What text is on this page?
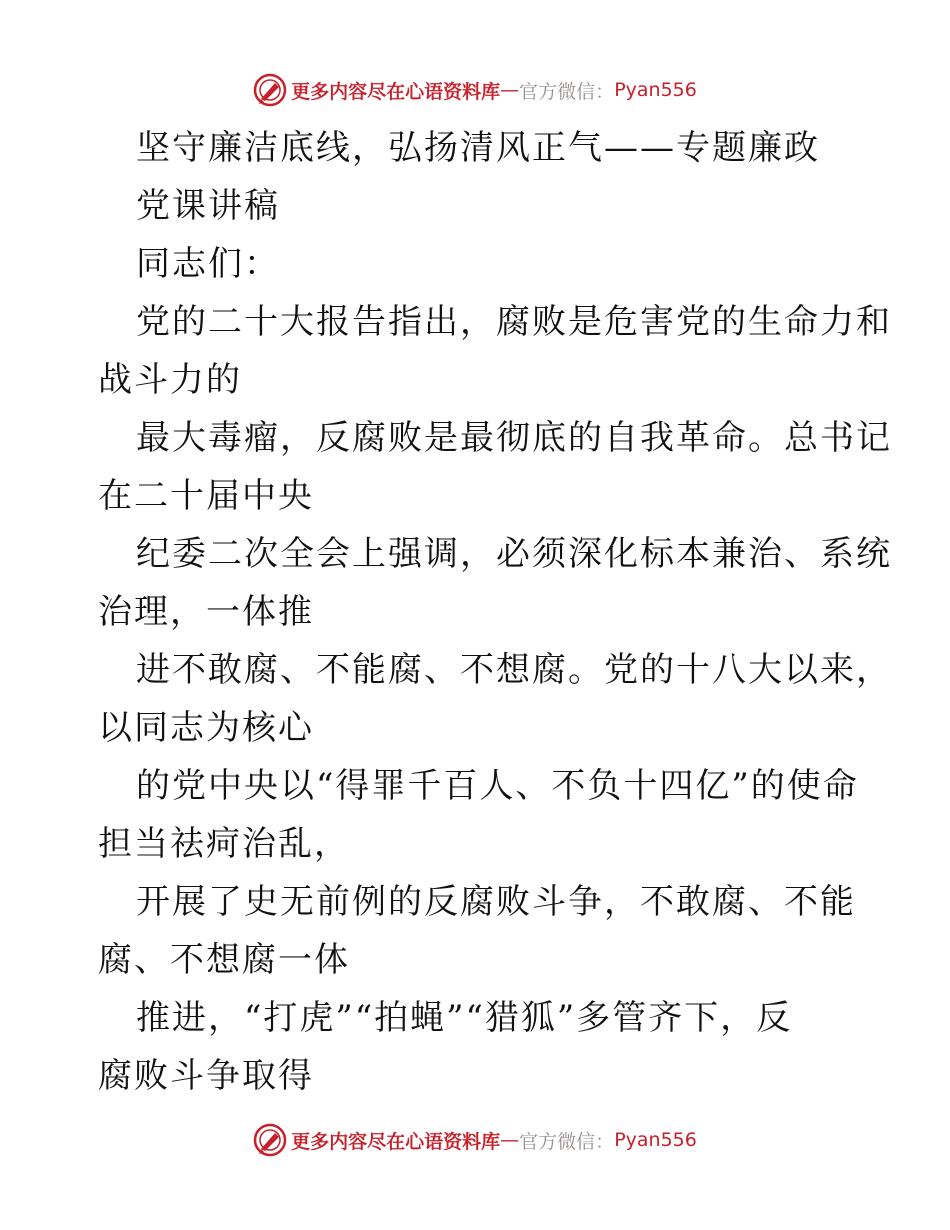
更多内容尽在心语资料库 — 官方微信： Pyan556
坚守廉洁底线，弘扬清风正气——专题廉政
党课讲稿
同志们：
党的二十大报告指出，腐败是危害党的生命力和
战斗力的
最大毒瘤，反腐败是最彻底的自我革命。总书记
在二十届中央
纪委二次全会上强调，必须深化标本兼治、系统
治理，一体推
进不敢腐、不能腐、不想腐。党的十八大以来，
以同志为核心
的党中央以“得罪千百人、不负十四亿”的使命
担当祛疴治乱，
开展了史无前例的反腐败斗争，不敢腐、不能
腐、不想腐一体
推进，“打虎”“拍蝇”“猎狐”多管齐下，反
腐败斗争取得
更多内容尽在心语资料库 — 官方微信： Pyan556
